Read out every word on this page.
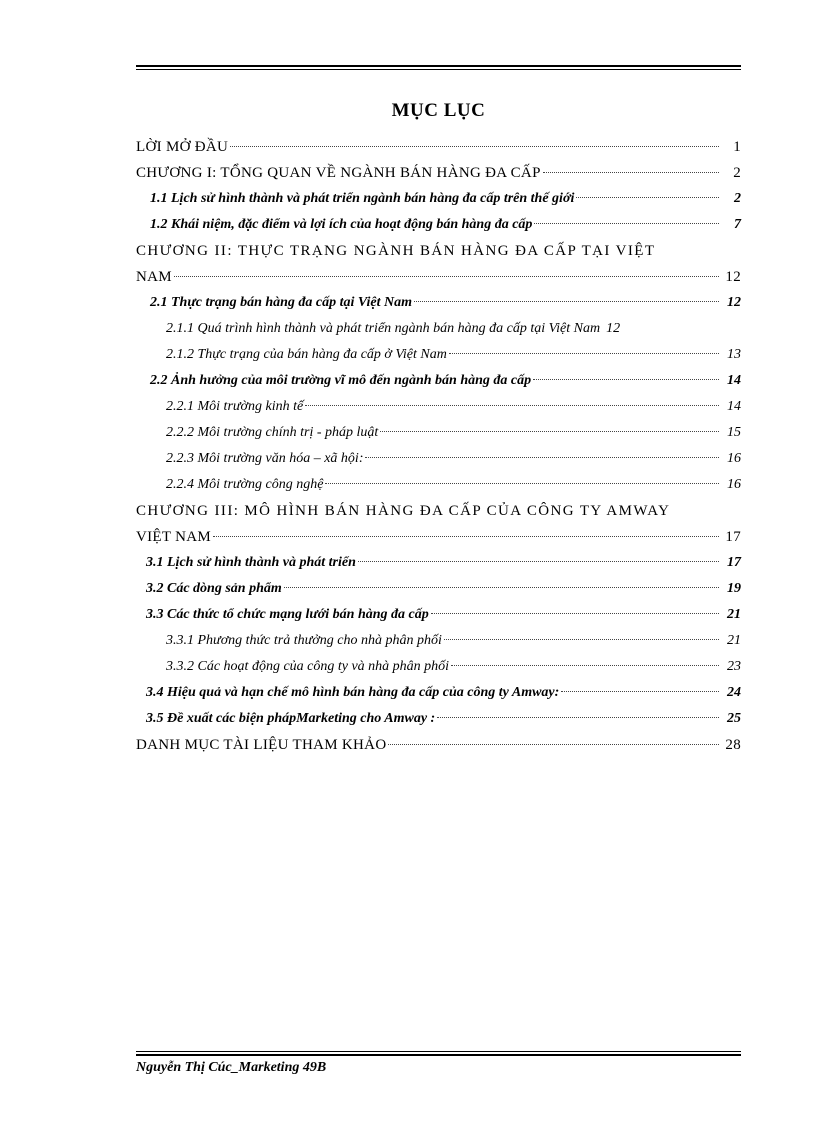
MỤC LỤC
LỜI MỞ ĐẦU	1
CHƯƠNG I: TỔNG QUAN VỀ NGÀNH BÁN HÀNG ĐA CẤP	2
1.1 Lịch sử hình thành và phát triển ngành bán hàng đa cấp trên thế giới	2
1.2 Khái niệm, đặc điểm và lợi ích của hoạt động bán hàng đa cấp	7
CHƯƠNG II: THỰC TRẠNG NGÀNH BÁN HÀNG ĐA CẤP TẠI VIỆT
NAM	12
2.1 Thực trạng bán hàng đa cấp tại Việt Nam	12
2.1.1 Quá trình hình thành và phát triển ngành bán hàng đa cấp tại Việt Nam 12
2.1.2 Thực trạng của bán hàng đa cấp ở Việt Nam	13
2.2 Ảnh hưởng của môi trường vĩ mô đến ngành bán hàng đa cấp	14
2.2.1 Môi trường kinh tế	14
2.2.2 Môi trường chính trị - pháp luật	15
2.2.3 Môi trường văn hóa – xã hội:	16
2.2.4 Môi trường công nghệ	16
CHƯƠNG III: MÔ HÌNH BÁN HÀNG ĐA CẤP CỦA CÔNG TY AMWAY
VIỆT NAM	17
3.1 Lịch sử hình thành và phát triển	17
3.2 Các dòng sản phẩm	19
3.3 Các thức tổ chức mạng lưới bán hàng đa cấp	21
3.3.1 Phương thức trả thưởng cho nhà phân phối	21
3.3.2 Các hoạt động của công ty và nhà phân phối	23
3.4 Hiệu quả và hạn chế mô hình bán hàng đa cấp của công ty Amway:	24
3.5 Đề xuất các biện phápMarketing cho Amway :	25
DANH MỤC TÀI LIỆU THAM KHẢO	28
Nguyễn Thị Cúc_Marketing 49B
